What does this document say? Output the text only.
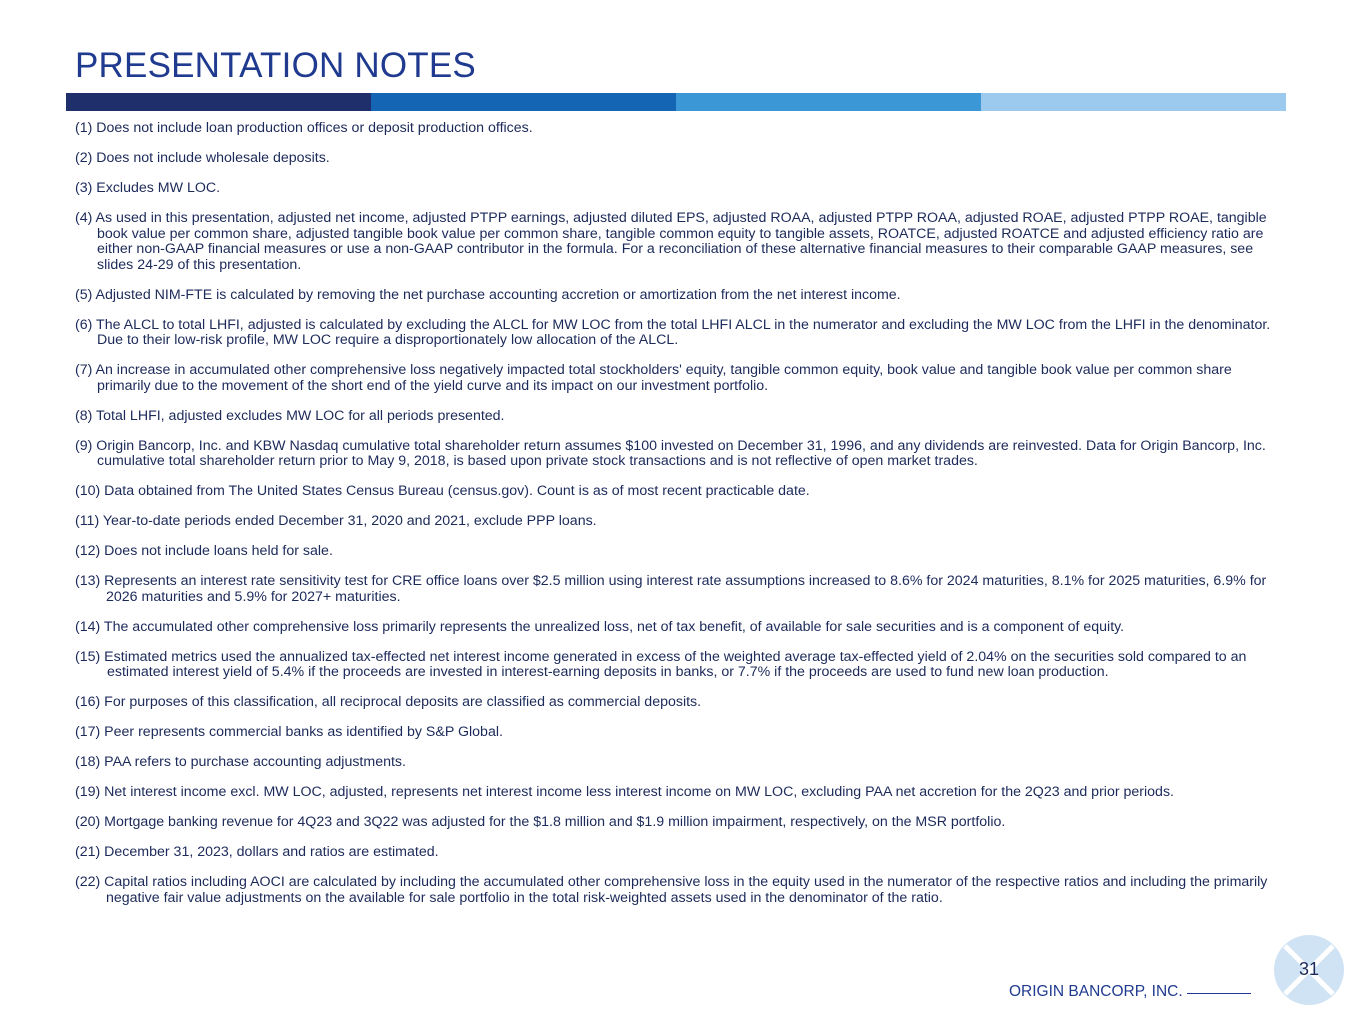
PRESENTATION NOTES

(1) Does not include loan production offices or deposit production offices.

(2) Does not include wholesale deposits.

(3) Excludes MW LOC.

(4) As used in this presentation, adjusted net income, adjusted PTPP earnings, adjusted diluted EPS, adjusted ROAA, adjusted PTPP ROAA, adjusted ROAE, adjusted PTPP ROAE, tangible book value per common share, adjusted tangible book value per common share, tangible common equity to tangible assets, ROATCE, adjusted ROATCE and adjusted efficiency ratio are either non-GAAP financial measures or use a non-GAAP contributor in the formula. For a reconciliation of these alternative financial measures to their comparable GAAP measures, see slides 24-29 of this presentation.

(5) Adjusted NIM-FTE is calculated by removing the net purchase accounting accretion or amortization from the net interest income.

(6) The ALCL to total LHFI, adjusted is calculated by excluding the ALCL for MW LOC from the total LHFI ALCL in the numerator and excluding the MW LOC from the LHFI in the denominator. Due to their low-risk profile, MW LOC require a disproportionately low allocation of the ALCL.

(7) An increase in accumulated other comprehensive loss negatively impacted total stockholders' equity, tangible common equity, book value and tangible book value per common share primarily due to the movement of the short end of the yield curve and its impact on our investment portfolio.

(8) Total LHFI, adjusted excludes MW LOC for all periods presented.

(9) Origin Bancorp, Inc. and KBW Nasdaq cumulative total shareholder return assumes $100 invested on December 31, 1996, and any dividends are reinvested. Data for Origin Bancorp, Inc. cumulative total shareholder return prior to May 9, 2018, is based upon private stock transactions and is not reflective of open market trades.

(10) Data obtained from The United States Census Bureau (census.gov). Count is as of most recent practicable date.

(11) Year-to-date periods ended December 31, 2020 and 2021, exclude PPP loans.

(12) Does not include loans held for sale.

(13) Represents an interest rate sensitivity test for CRE office loans over $2.5 million using interest rate assumptions increased to 8.6% for 2024 maturities, 8.1% for 2025 maturities, 6.9% for 2026 maturities and 5.9% for 2027+ maturities.

(14) The accumulated other comprehensive loss primarily represents the unrealized loss, net of tax benefit, of available for sale securities and is a component of equity.

(15) Estimated metrics used the annualized tax-effected net interest income generated in excess of the weighted average tax-effected yield of 2.04% on the securities sold compared to an estimated interest yield of 5.4% if the proceeds are invested in interest-earning deposits in banks, or 7.7% if the proceeds are used to fund new loan production.

(16) For purposes of this classification, all reciprocal deposits are classified as commercial deposits.

(17) Peer represents commercial banks as identified by S&P Global.

(18) PAA refers to purchase accounting adjustments.

(19) Net interest income excl. MW LOC, adjusted, represents net interest income less interest income on MW LOC, excluding PAA net accretion for the 2Q23 and prior periods.

(20) Mortgage banking revenue for 4Q23 and 3Q22 was adjusted for the $1.8 million and $1.9 million impairment, respectively, on the MSR portfolio.

(21) December 31, 2023, dollars and ratios are estimated.

(22) Capital ratios including AOCI are calculated by including the accumulated other comprehensive loss in the equity used in the numerator of the respective ratios and including the primarily negative fair value adjustments on the available for sale portfolio in the total risk-weighted assets used in the denominator of the ratio.

ORIGIN BANCORP, INC.
31
